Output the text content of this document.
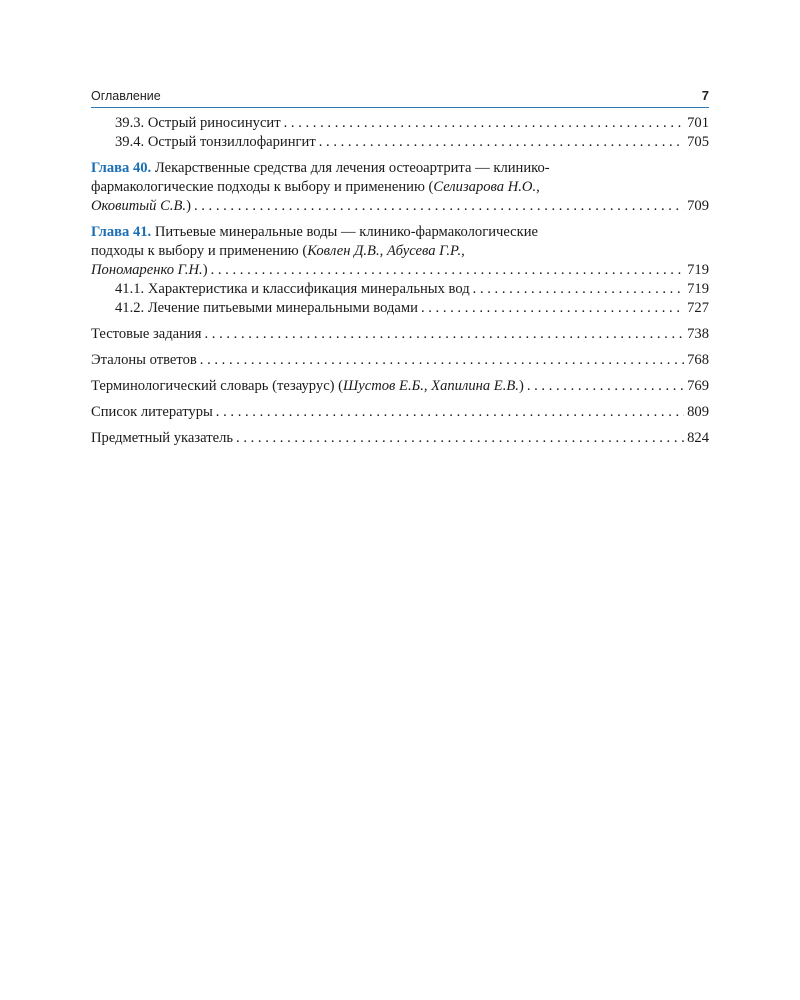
Оглавление	7
39.3. Острый риносинусит . . .	701
39.4. Острый тонзиллофарингит . . .	705
Глава 40. Лекарственные средства для лечения остеоартрита — клинико-
фармакологические подходы к выбору и применению (Селизарова Н.О.,
Оковитый С.В.) . . .	709
Глава 41. Питьевые минеральные воды — клинико-фармакологические
подходы к выбору и применению (Ковлен Д.В., Абусева Г.Р.,
Пономаренко Г.Н.) . . .	719
41.1. Характеристика и классификация минеральных вод . . .	719
41.2. Лечение питьевыми минеральными водами . . .	727
Тестовые задания . . .	738
Эталоны ответов . . .	768
Терминологический словарь (тезаурус) (Шустов Е.Б., Хапилина Е.В.) . . .	769
Список литературы . . .	809
Предметный указатель . . .	824
